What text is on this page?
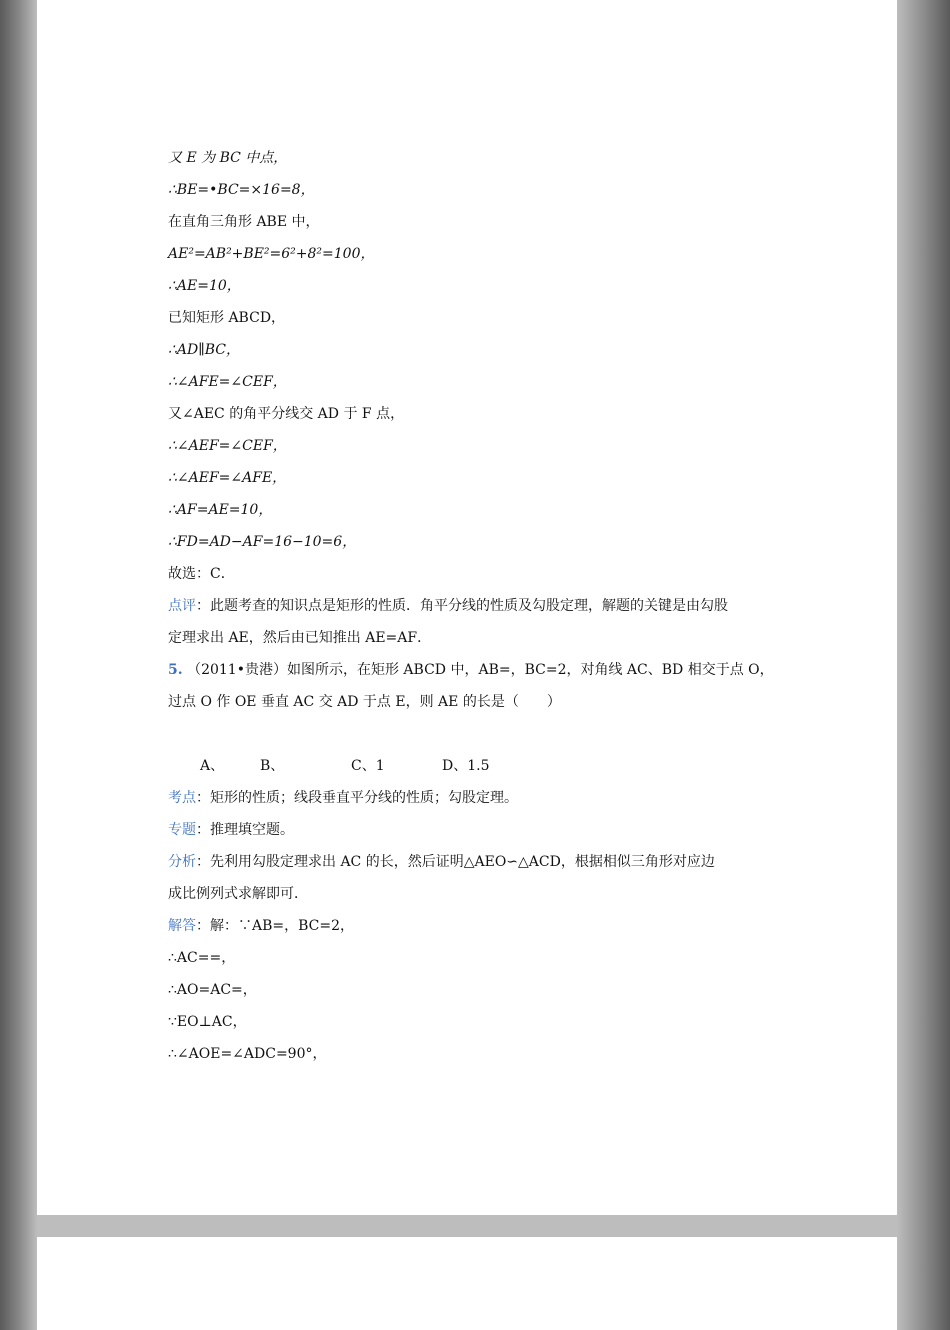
又 E 为 BC 中点，
∴BE=•BC=×16=8，
在直角三角形 ABE 中，
AE²=AB²+BE²=6²+8²=100，
∴AE=10，
已知矩形 ABCD，
∴AD∥BC，
∴∠AFE=∠CEF，
又∠AEC 的角平分线交 AD 于 F 点，
∴∠AEF=∠CEF，
∴∠AEF=∠AFE，
∴AF=AE=10，
∴FD=AD−AF=16−10=6，
故选：C．
点评：此题考查的知识点是矩形的性质．角平分线的性质及勾股定理，解题的关键是由勾股
定理求出 AE，然后由已知推出 AE=AF．
5. （2011•贵港）如图所示，在矩形 ABCD 中，AB=，BC=2，对角线 AC、BD 相交于点 O，
过点 O 作 OE 垂直 AC 交 AD 于点 E，则 AE 的长是（　　）
A、	B、	C、1	D、1.5
考点：矩形的性质；线段垂直平分线的性质；勾股定理。
专题：推理填空题。
分析：先利用勾股定理求出 AC 的长，然后证明△AEO∽△ACD，根据相似三角形对应边
成比例列式求解即可．
解答：解：∵AB=，BC=2，
∴AC==，
∴AO=AC=，
∵EO⊥AC，
∴∠AOE=∠ADC=90°，
